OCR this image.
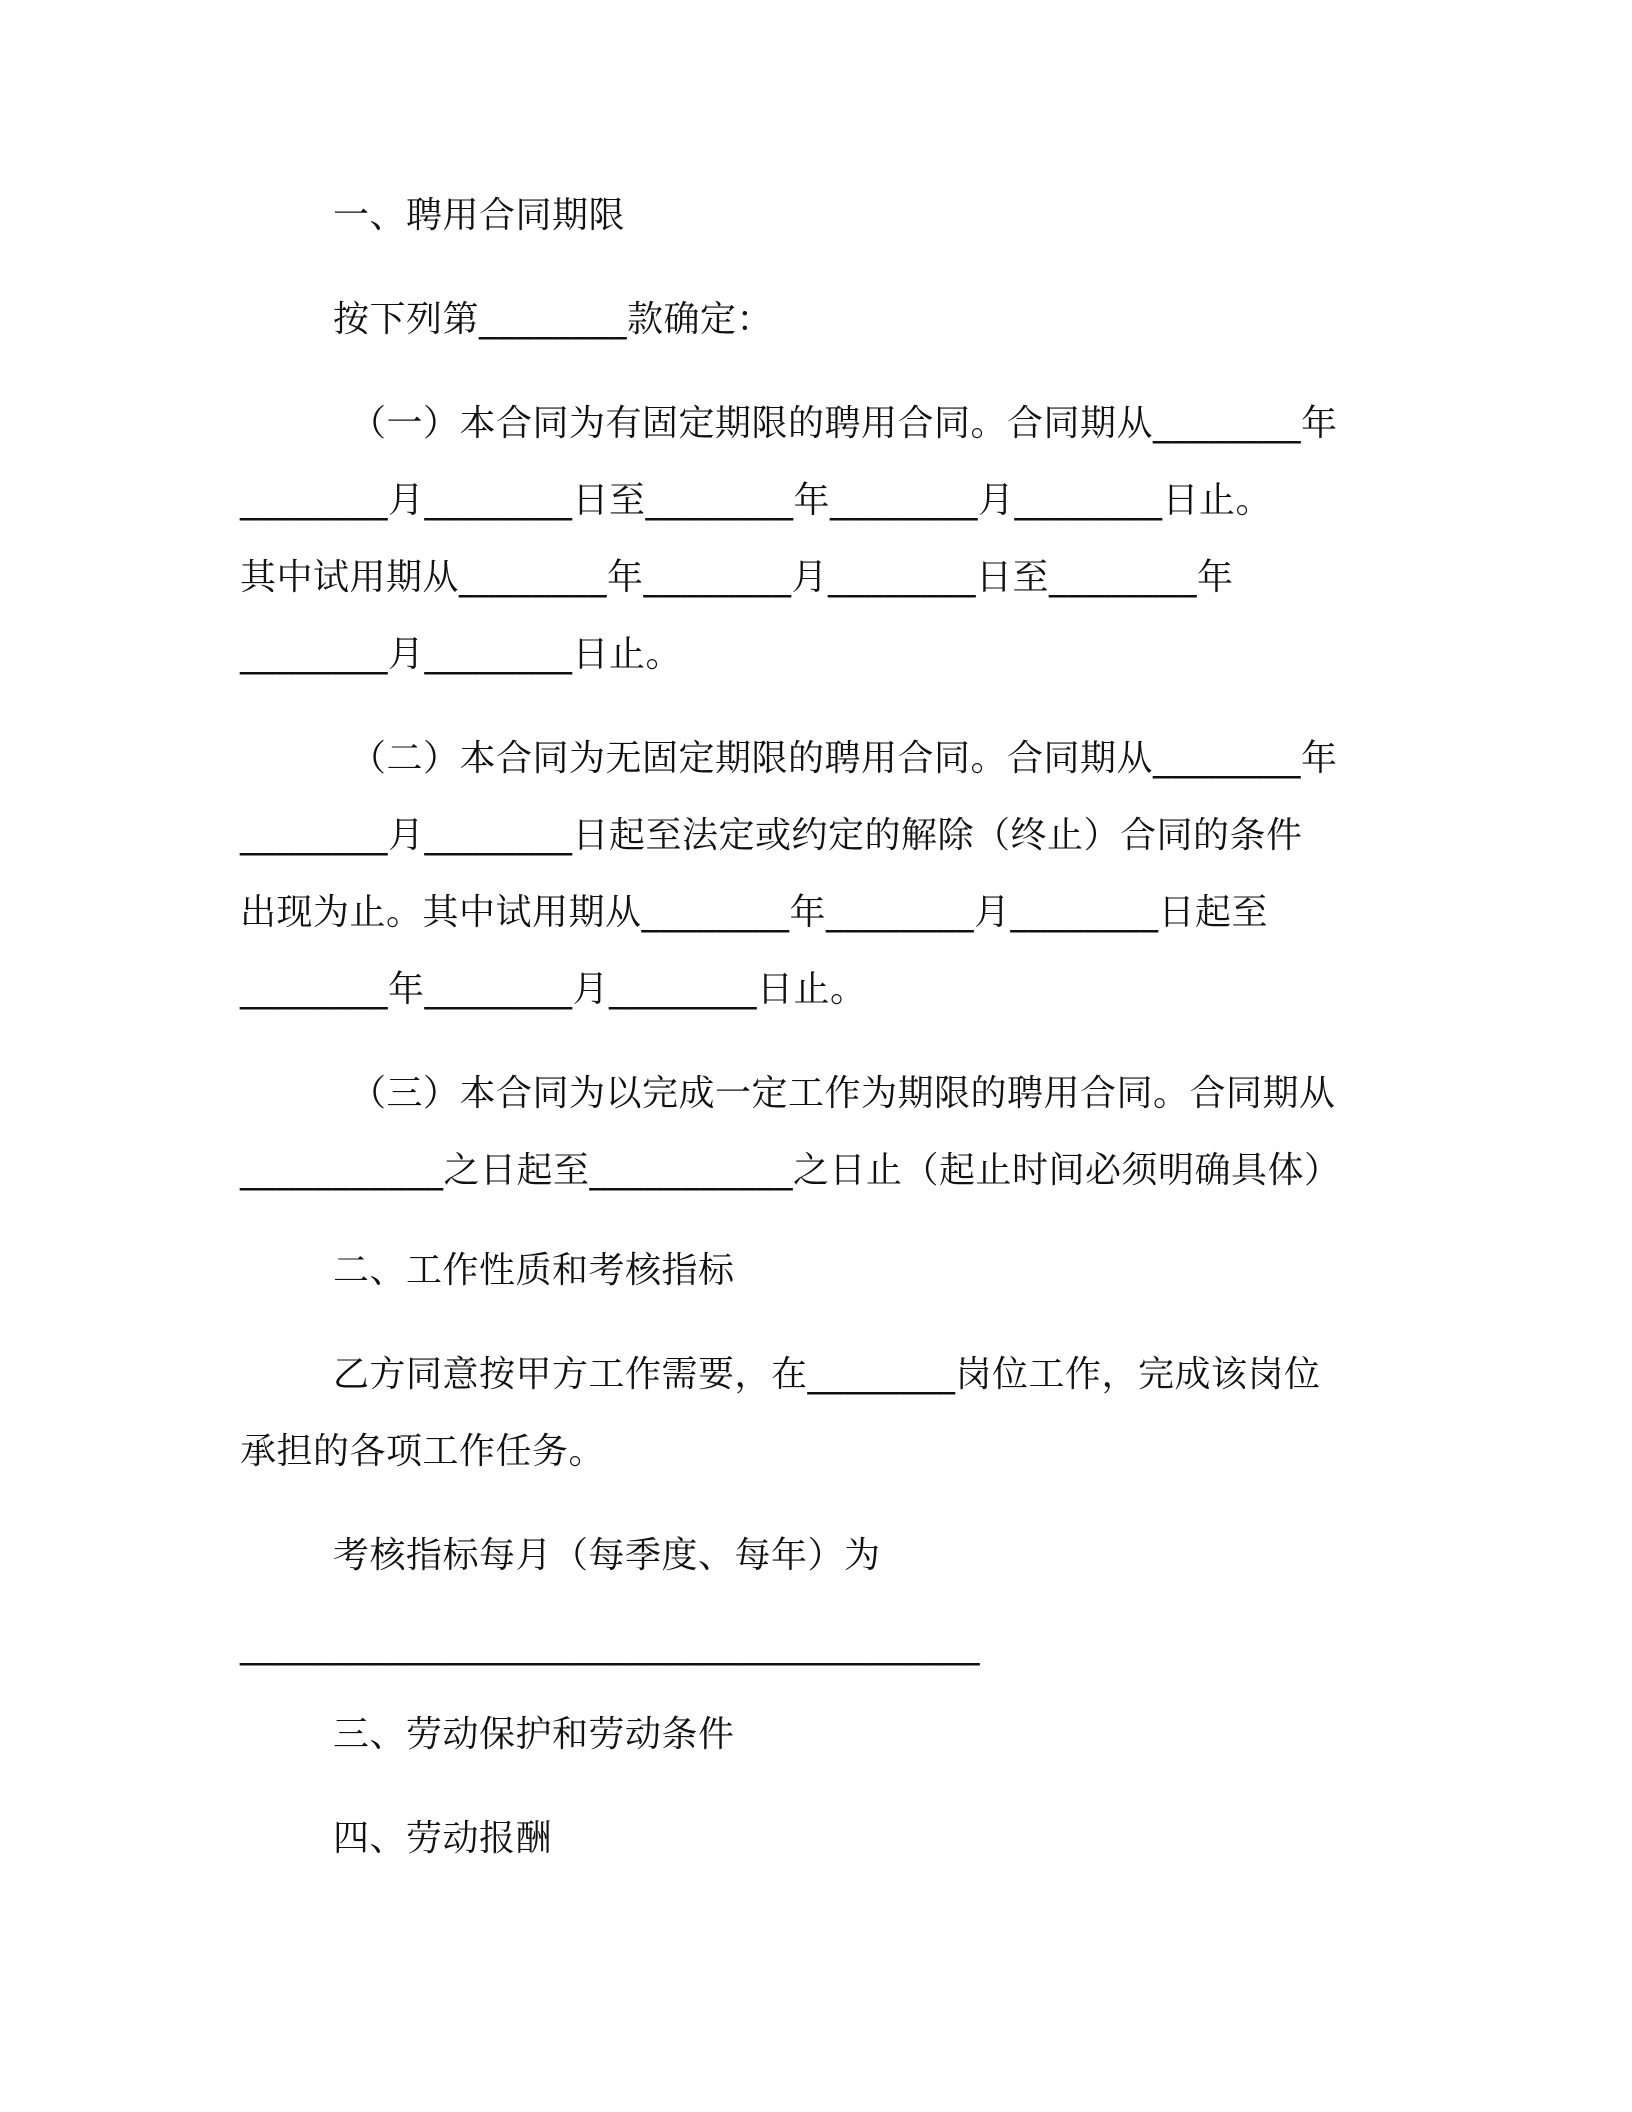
一、聘用合同期限

按下列第________款确定：

（一）本合同为有固定期限的聘用合同。合同期从________年

________月________日至________年________月________日止。

其中试用期从________年________月________日至________年

________月________日止。

（二）本合同为无固定期限的聘用合同。合同期从________年

________月________日起至法定或约定的解除（终止）合同的条件

出现为止。其中试用期从________年________月________日起至

________年________月________日止。

（三）本合同为以完成一定工作为期限的聘用合同。合同期从

___________之日起至___________之日止（起止时间必须明确具体）

二、工作性质和考核指标

乙方同意按甲方工作需要，在________岗位工作，完成该岗位

承担的各项工作任务。

考核指标每月（每季度、每年）为

________________________________________

三、劳动保护和劳动条件

四、劳动报酬
